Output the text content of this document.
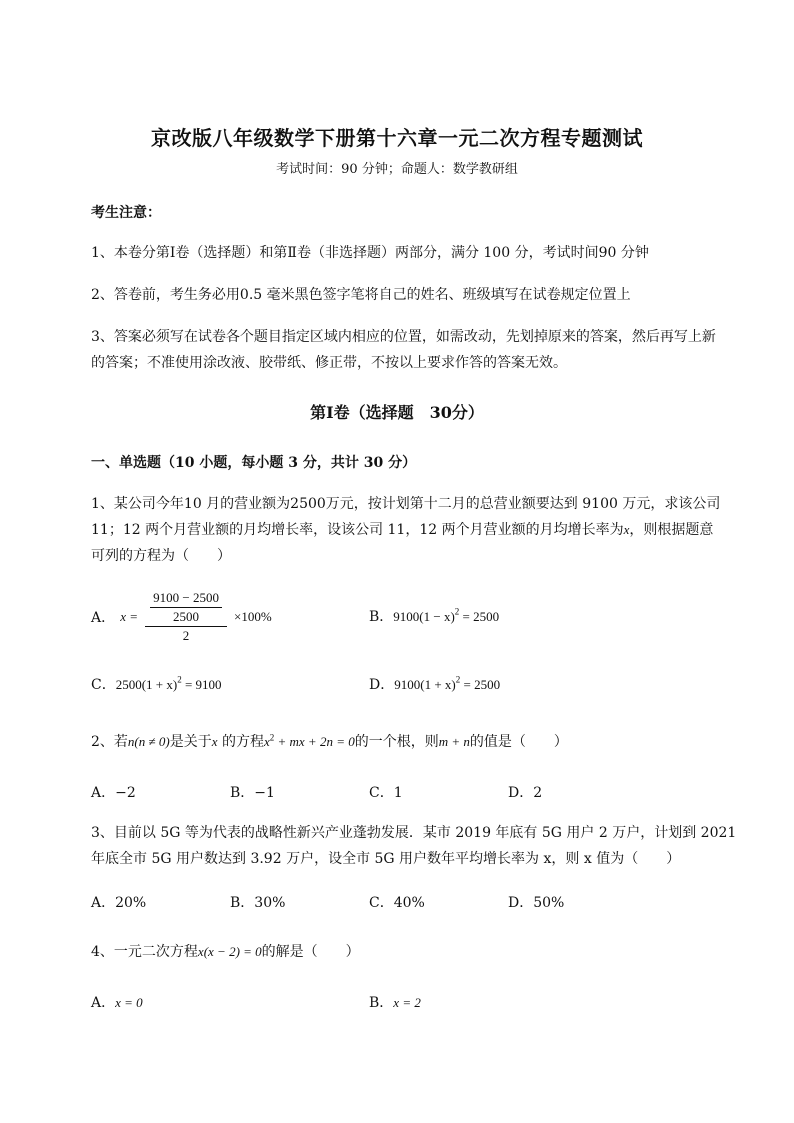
京改版八年级数学下册第十六章一元二次方程专题测试
考试时间：90 分钟；命题人：数学教研组
考生注意：
1、本卷分第Ⅰ卷（选择题）和第Ⅱ卷（非选择题）两部分，满分 100 分，考试时间90 分钟
2、答卷前，考生务必用0.5 毫米黑色签字笔将自己的姓名、班级填写在试卷规定位置上
3、答案必须写在试卷各个题目指定区域内相应的位置，如需改动，先划掉原来的答案，然后再写上新
的答案；不准使用涂改液、胶带纸、修正带，不按以上要求作答的答案无效。
第Ⅰ卷（选择题　30分）
一、单选题（10 小题，每小题 3 分，共计 30 分）
1、某公司今年10 月的营业额为2500万元，按计划第十二月的总营业额要达到 9100 万元，求该公司
11；12 两个月营业额的月均增长率，设该公司 11，12 两个月营业额的月均增长率为x，则根据题意
可列的方程为（　　）
A． $x = \frac{\frac{9100 - 2500}{2500}}{2} \times 100\%$	B．$9100(1 - x)^2 = 2500$
C．$2500(1 + x)^2 = 9100$	D．$9100(1 + x)^2 = 2500$
2、若n(n ≠ 0)是关于x 的方程$x^2$ + mx + 2n = 0的一个根，则m + n的值是（　　）
A．−2	B．−1	C．1	D．2
3、目前以 5G 等为代表的战略性新兴产业蓬勃发展．某市 2019 年底有 5G 用户 2 万户，计划到 2021
年底全市 5G 用户数达到 3.92 万户，设全市 5G 用户数年平均增长率为 x，则 x 值为（　　）
A．20%	B．30%	C．40%	D．50%
4、一元二次方程x(x − 2) = 0的解是（　　）
A．x = 0	B．x = 2
